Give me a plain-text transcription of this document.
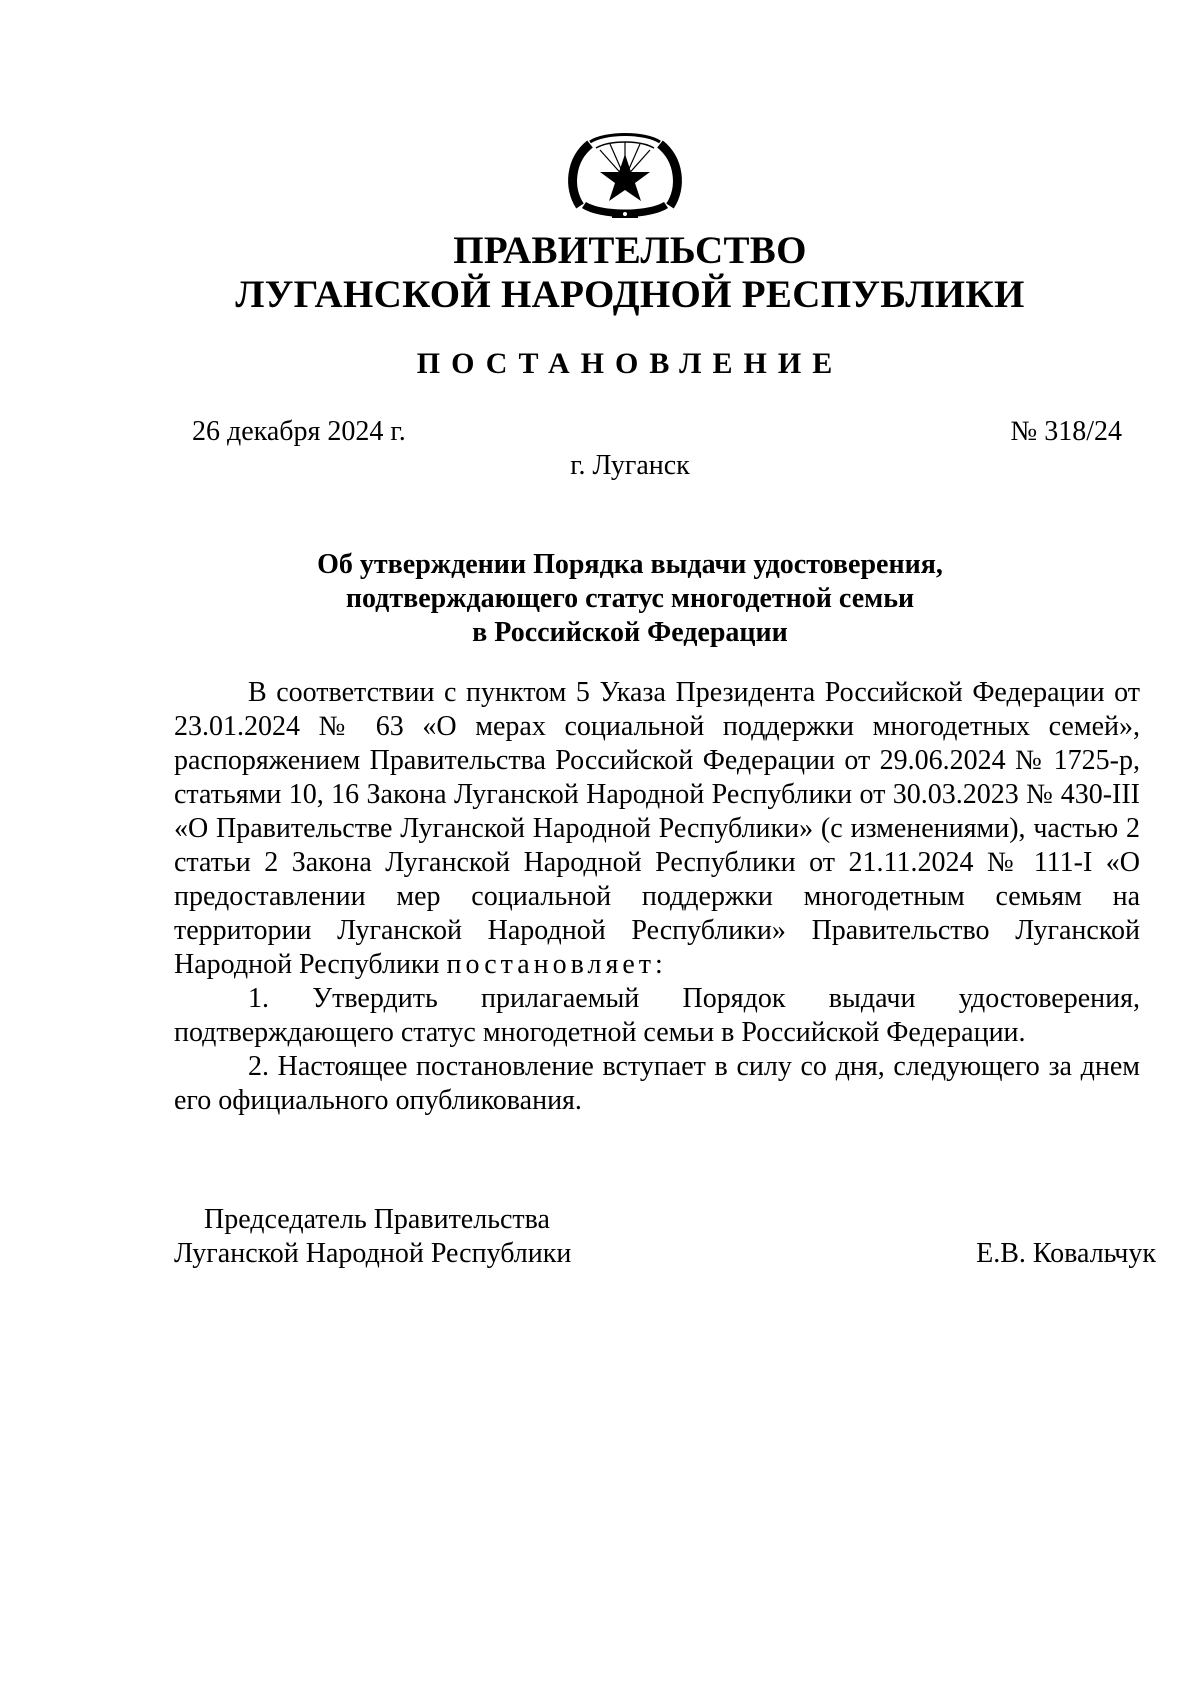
ПРАВИТЕЛЬСТВО
ЛУГАНСКОЙ НАРОДНОЙ РЕСПУБЛИКИ
ПОСТАНОВЛЕНИЕ
26 декабря 2024 г.	№ 318/24
г. Луганск
Об утверждении Порядка выдачи удостоверения,
подтверждающего статус многодетной семьи
в Российской Федерации

В соответствии с пунктом 5 Указа Президента Российской Федерации от 23.01.2024 № 63 «О мерах социальной поддержки многодетных семей», распоряжением Правительства Российской Федерации от 29.06.2024 № 1725-р, статьями 10, 16 Закона Луганской Народной Республики от 30.03.2023 № 430-III «О Правительстве Луганской Народной Республики» (с изменениями), частью 2 статьи 2 Закона Луганской Народной Республики от 21.11.2024 № 111-I «О предоставлении мер социальной поддержки многодетным семьям на территории Луганской Народной Республики» Правительство Луганской Народной Республики постановляет:

1. Утвердить прилагаемый Порядок выдачи удостоверения, подтверждающего статус многодетной семьи в Российской Федерации.

2. Настоящее постановление вступает в силу со дня, следующего за днем его официального опубликования.

Председатель Правительства
Луганской Народной Республики	Е.В. Ковальчук
